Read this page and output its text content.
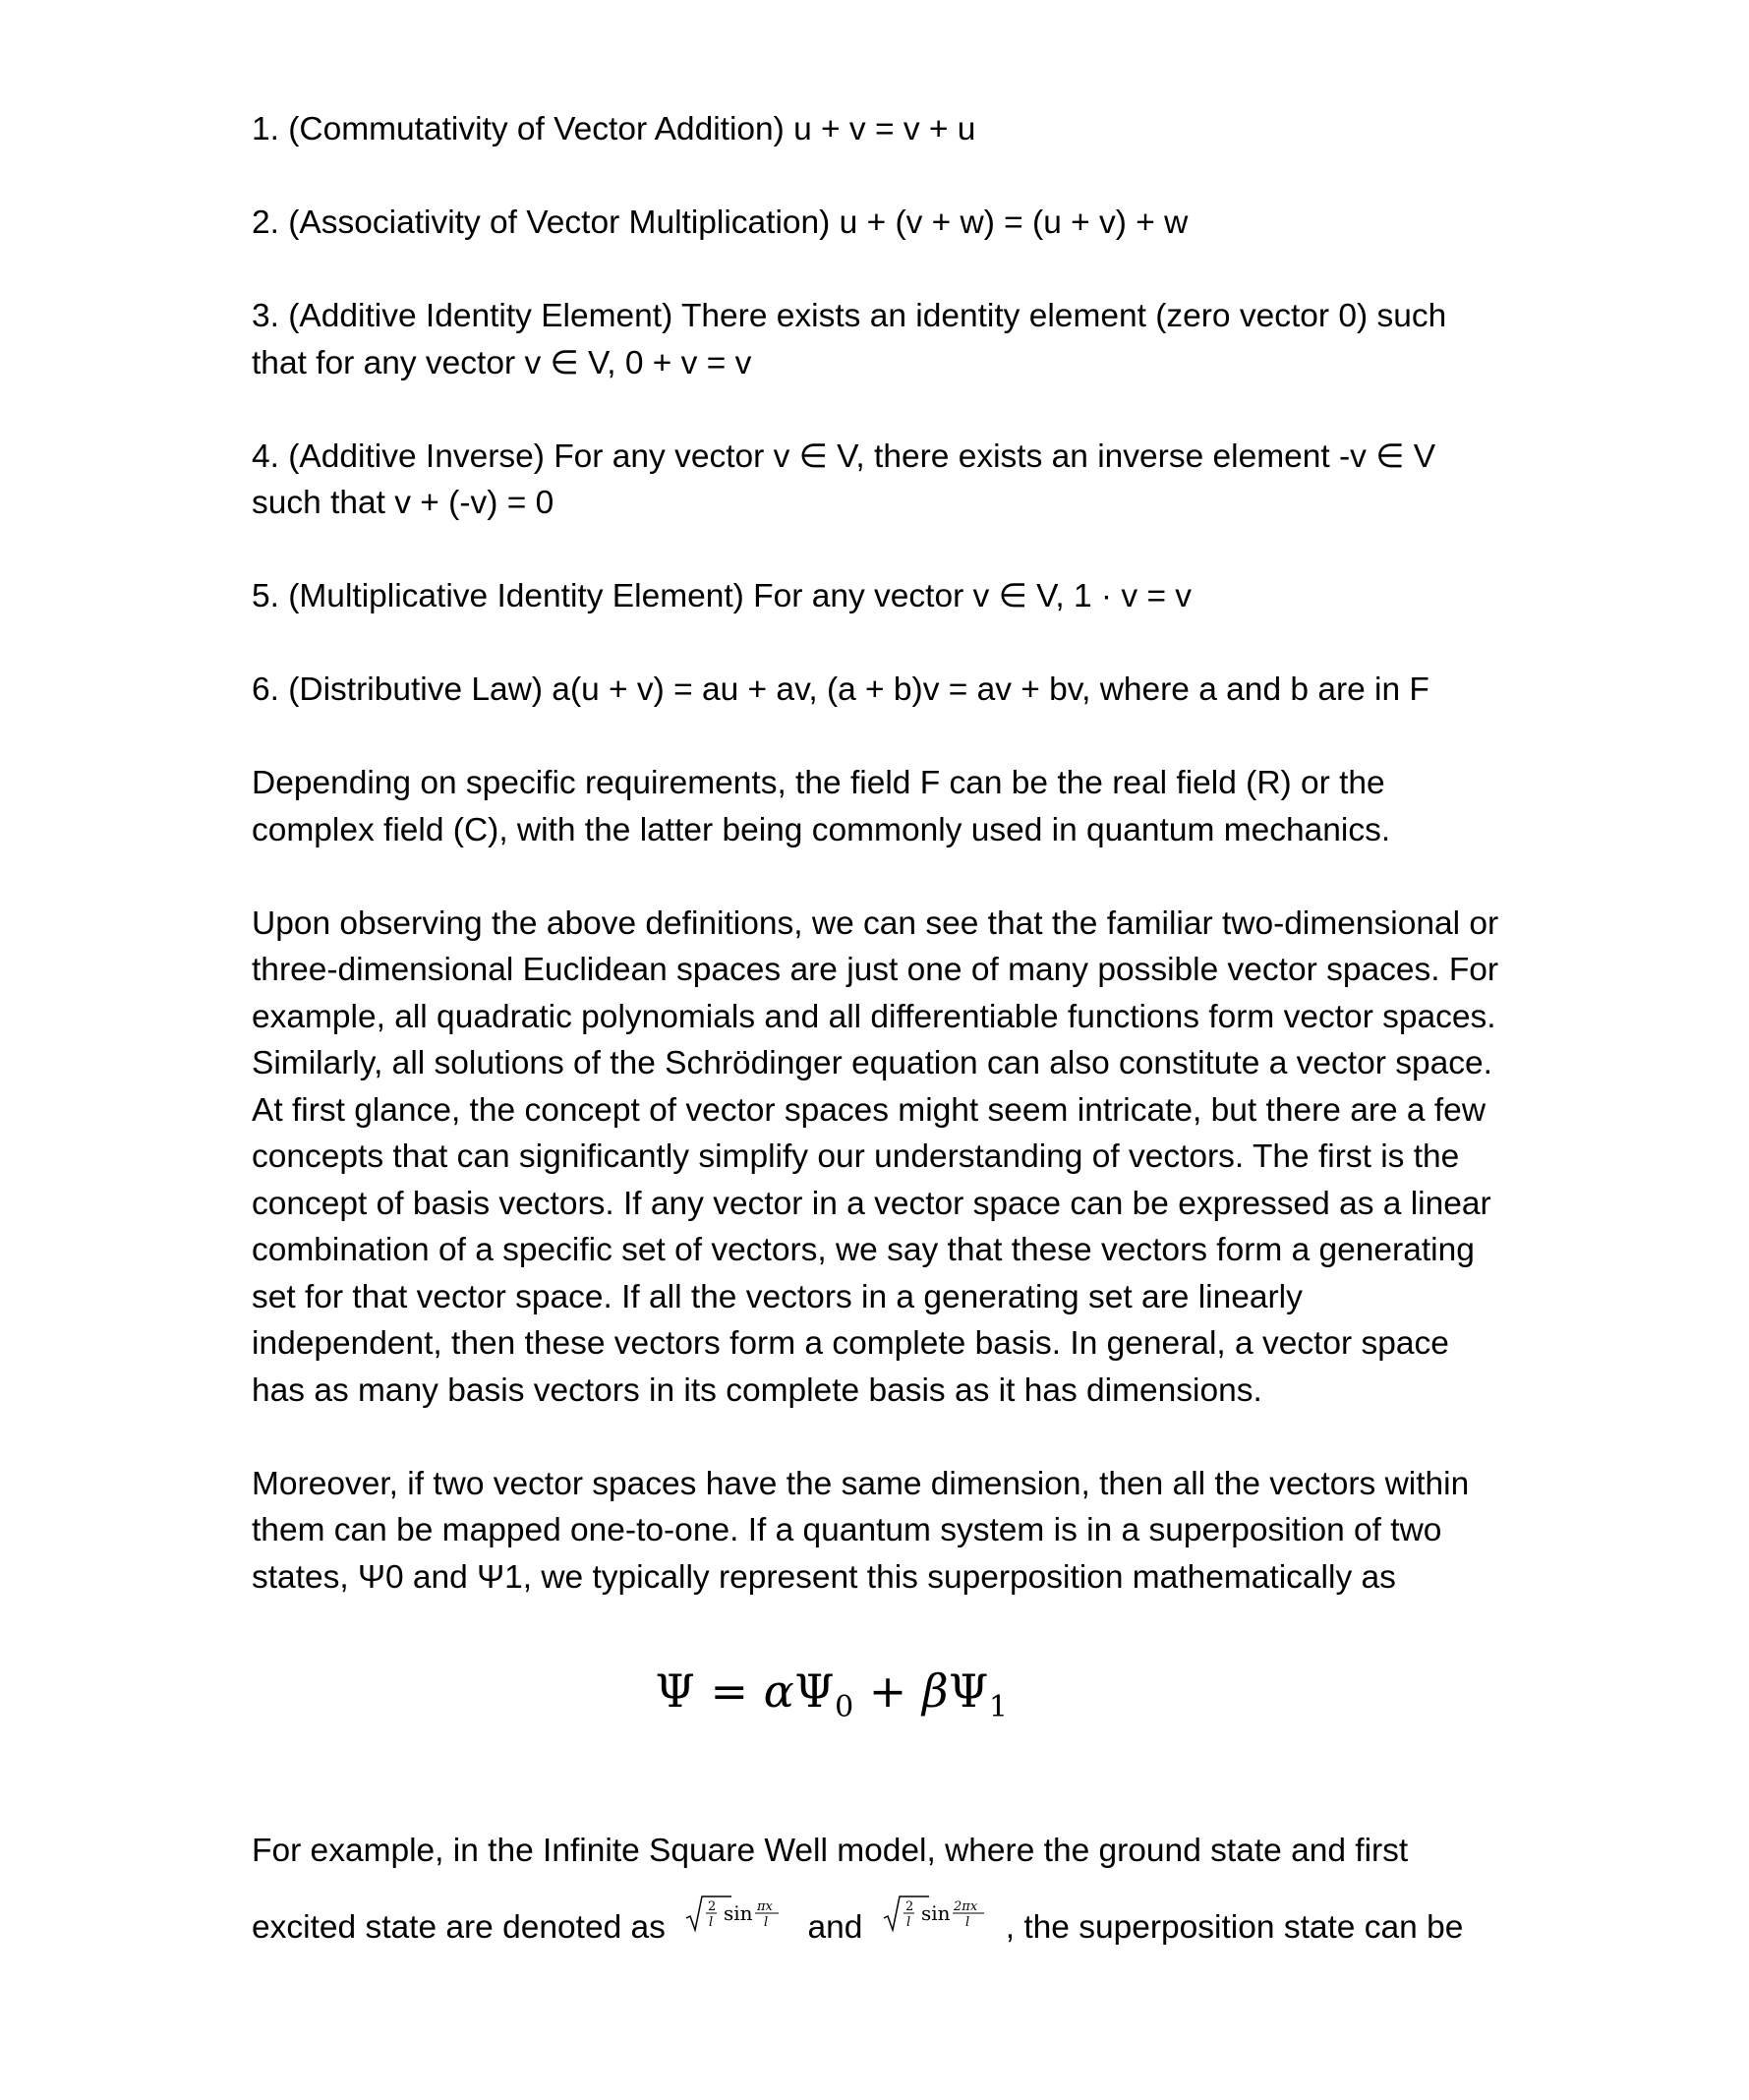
1. (Commutativity of Vector Addition) u + v = v + u

2. (Associativity of Vector Multiplication) u + (v + w) = (u + v) + w

3. (Additive Identity Element) There exists an identity element (zero vector 0) such that for any vector v ∈ V, 0 + v = v

4. (Additive Inverse) For any vector v ∈ V, there exists an inverse element -v ∈ V such that v + (-v) = 0

5. (Multiplicative Identity Element) For any vector v ∈ V, 1 · v = v

6. (Distributive Law) a(u + v) = au + av, (a + b)v = av + bv, where a and b are in F

Depending on specific requirements, the field F can be the real field (R) or the complex field (C), with the latter being commonly used in quantum mechanics.

Upon observing the above definitions, we can see that the familiar two-dimensional or three-dimensional Euclidean spaces are just one of many possible vector spaces. For example, all quadratic polynomials and all differentiable functions form vector spaces. Similarly, all solutions of the Schrödinger equation can also constitute a vector space. At first glance, the concept of vector spaces might seem intricate, but there are a few concepts that can significantly simplify our understanding of vectors. The first is the concept of basis vectors. If any vector in a vector space can be expressed as a linear combination of a specific set of vectors, we say that these vectors form a generating set for that vector space. If all the vectors in a generating set are linearly independent, then these vectors form a complete basis. In general, a vector space has as many basis vectors in its complete basis as it has dimensions.

Moreover, if two vector spaces have the same dimension, then all the vectors within them can be mapped one-to-one. If a quantum system is in a superposition of two states, Ψ0 and Ψ1, we typically represent this superposition mathematically as

$\Psi = \alpha\Psi_0 + \beta\Psi_1$

For example, in the Infinite Square Well model, where the ground state and first

excited state are denoted as
2
l sin πx
l and
2
l sin 2πx
l , the superposition state can be
